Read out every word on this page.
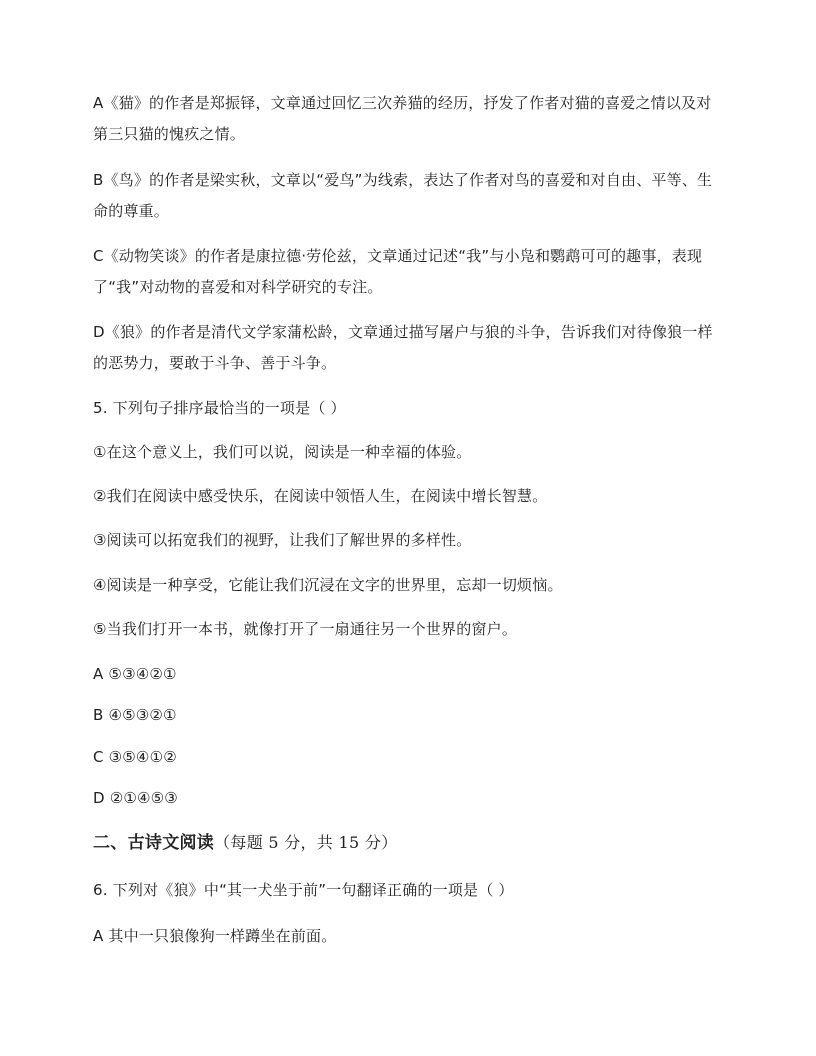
A《猫》的作者是郑振铎，文章通过回忆三次养猫的经历，抒发了作者对猫的喜爱之情以及对第三只猫的愧疚之情。

B《鸟》的作者是梁实秋，文章以“爱鸟”为线索，表达了作者对鸟的喜爱和对自由、平等、生命的尊重。

C《动物笑谈》的作者是康拉德·劳伦兹，文章通过记述“我”与小凫和鹦鹉可可的趣事，表现了“我”对动物的喜爱和对科学研究的专注。

D《狼》的作者是清代文学家蒲松龄，文章通过描写屠户与狼的斗争，告诉我们对待像狼一样的恶势力，要敢于斗争、善于斗争。

5. 下列句子排序最恰当的一项是（ ）

①在这个意义上，我们可以说，阅读是一种幸福的体验。

②我们在阅读中感受快乐，在阅读中领悟人生，在阅读中增长智慧。

③阅读可以拓宽我们的视野，让我们了解世界的多样性。

④阅读是一种享受，它能让我们沉浸在文字的世界里，忘却一切烦恼。

⑤当我们打开一本书，就像打开了一扇通往另一个世界的窗户。

A ⑤③④②①

B ④⑤③②①

C ③⑤④①②

D ②①④⑤③

二、古诗文阅读（每题 5 分，共 15 分）

6. 下列对《狼》中“其一犬坐于前”一句翻译正确的一项是（ ）

A 其中一只狼像狗一样蹲坐在前面。
